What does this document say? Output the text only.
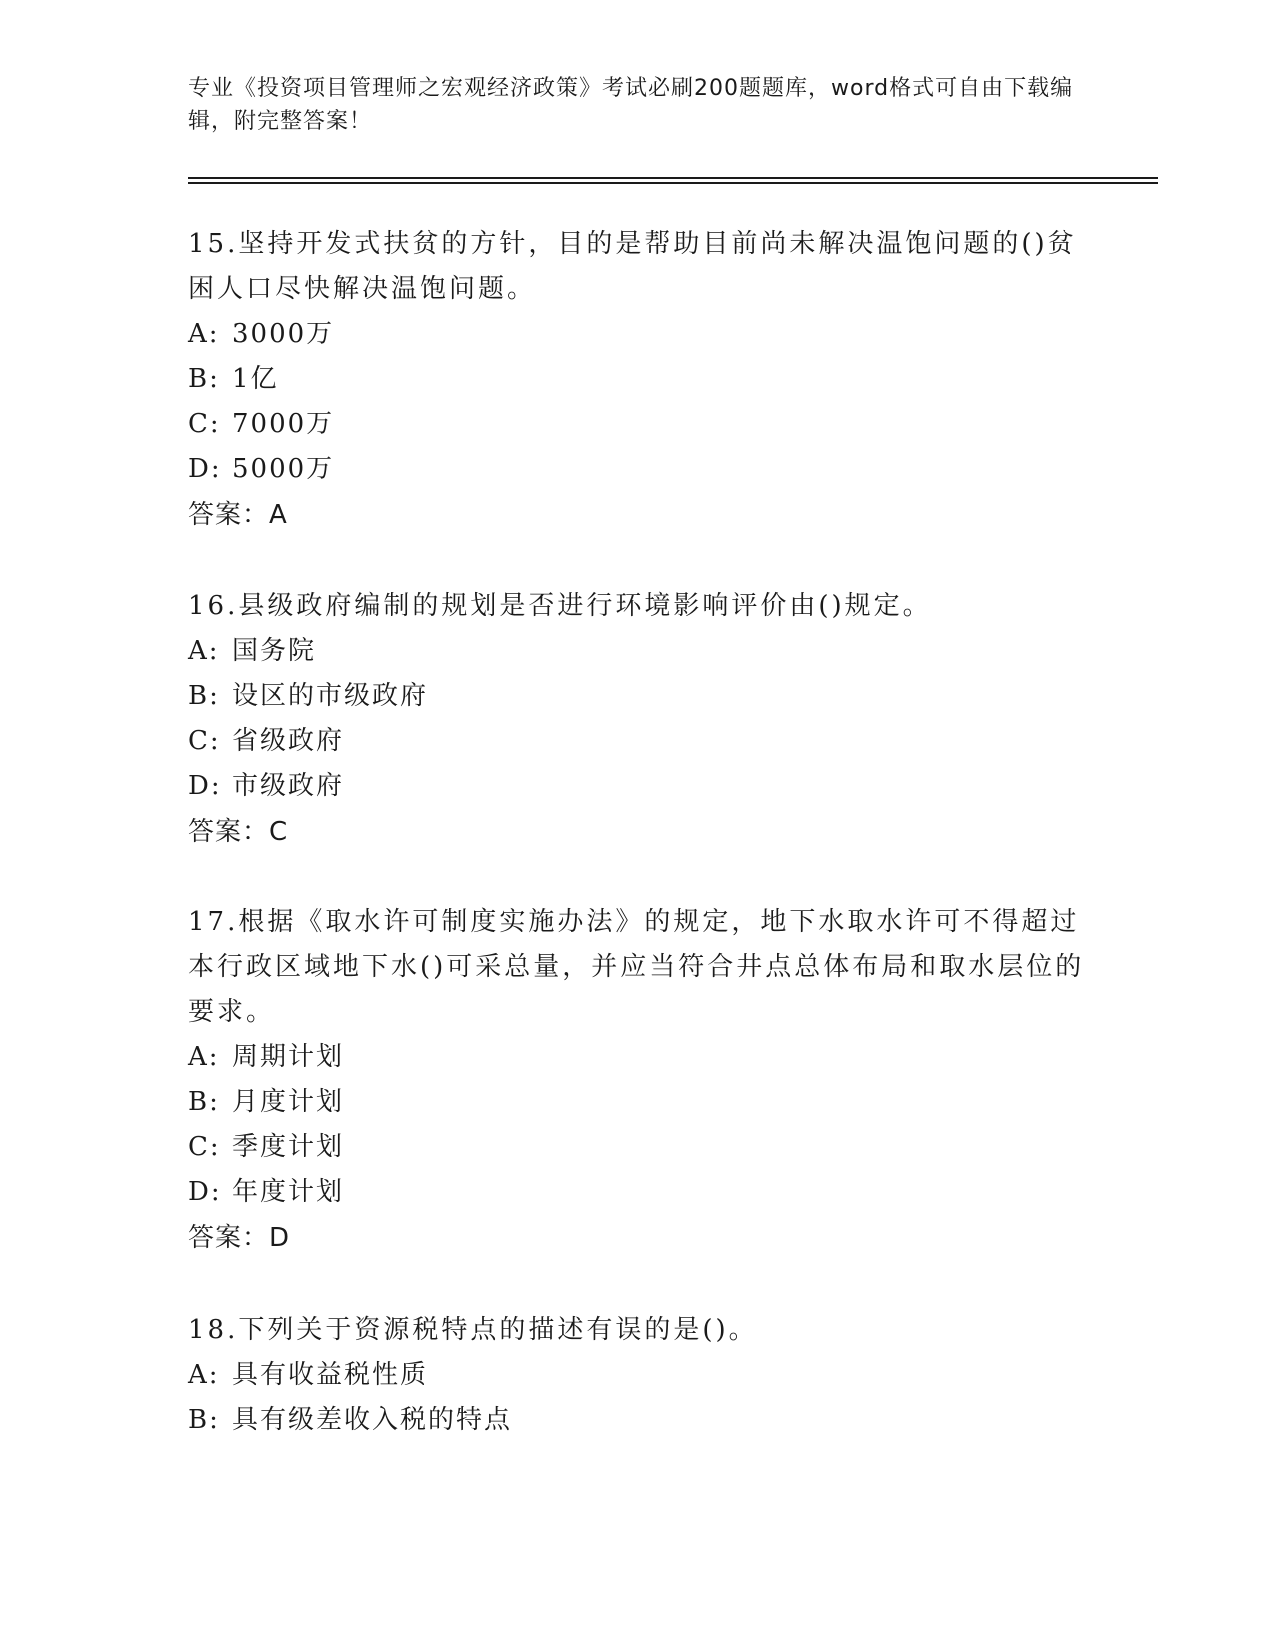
专业《投资项目管理师之宏观经济政策》考试必刷200题题库，word格式可自由下载编辑，附完整答案！
15.坚持开发式扶贫的方针，目的是帮助目前尚未解决温饱问题的()贫困人口尽快解决温饱问题。
A: 3000万
B: 1亿
C: 7000万
D: 5000万
答案：A
16.县级政府编制的规划是否进行环境影响评价由()规定。
A: 国务院
B: 设区的市级政府
C: 省级政府
D: 市级政府
答案：C
17.根据《取水许可制度实施办法》的规定，地下水取水许可不得超过本行政区域地下水()可采总量，并应当符合井点总体布局和取水层位的要求。
A: 周期计划
B: 月度计划
C: 季度计划
D: 年度计划
答案：D
18.下列关于资源税特点的描述有误的是()。
A: 具有收益税性质
B: 具有级差收入税的特点
